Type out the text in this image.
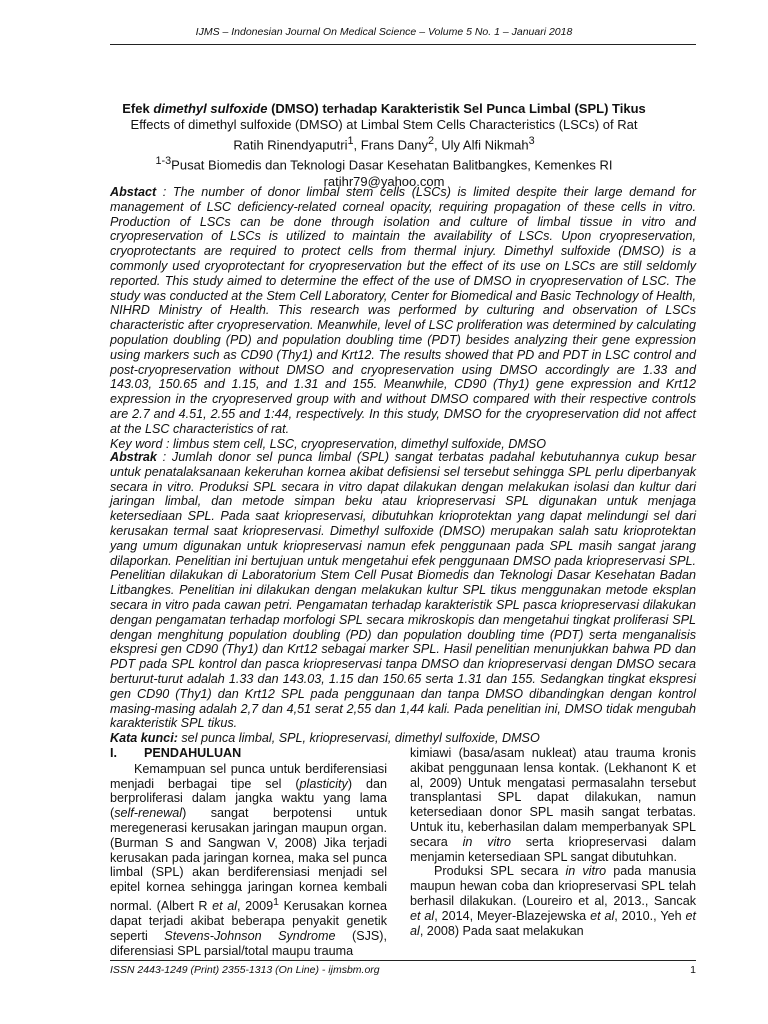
IJMS – Indonesian Journal On Medical Science – Volume 5 No. 1 – Januari 2018
Efek dimethyl sulfoxide (DMSO) terhadap Karakteristik Sel Punca Limbal (SPL) Tikus
Effects of dimethyl sulfoxide (DMSO) at Limbal Stem Cells Characteristics (LSCs) of Rat
Ratih Rinendyaputri$^1$, Frans Dany$^2$, Uly Alfi Nikmah$^3$
$^{1-3}$Pusat Biomedis dan Teknologi Dasar Kesehatan Balitbangkes, Kemenkes RI
ratihr79@yahoo.com

Abstact : The number of donor limbal stem cells (LSCs) is limited despite their large demand for management of LSC deficiency-related corneal opacity, requiring propagation of these cells in vitro. Production of LSCs can be done through isolation and culture of limbal tissue in vitro and cryopreservation of LSCs is utilized to maintain the availability of LSCs. Upon cryopreservation, cryoprotectants are required to protect cells from thermal injury. Dimethyl sulfoxide (DMSO) is a commonly used cryoprotectant for cryopreservation but the effect of its use on LSCs are still seldomly reported. This study aimed to determine the effect of the use of DMSO in cryopreservation of LSC. The study was conducted at the Stem Cell Laboratory, Center for Biomedical and Basic Technology of Health, NIHRD Ministry of Health. This research was performed by culturing and observation of LSCs characteristic after cryopreservation. Meanwhile, level of LSC proliferation was determined by calculating population doubling (PD) and population doubling time (PDT) besides analyzing their gene expression using markers such as CD90 (Thy1) and Krt12. The results showed that PD and PDT in LSC control and post-cryopreservation without DMSO and cryopreservation using DMSO accordingly are 1.33 and 143.03, 150.65 and 1.15, and 1.31 and 155. Meanwhile, CD90 (Thy1) gene expression and Krt12 expression in the cryopreserved group with and without DMSO compared with their respective controls are 2.7 and 4.51, 2.55 and 1:44, respectively. In this study, DMSO for the cryopreservation did not affect at the LSC characteristics of rat.

Key word : limbus stem cell, LSC, cryopreservation, dimethyl sulfoxide, DMSO

Abstrak : Jumlah donor sel punca limbal (SPL) sangat terbatas padahal kebutuhannya cukup besar untuk penatalaksanaan kekeruhan kornea akibat defisiensi sel tersebut sehingga SPL perlu diperbanyak secara in vitro. Produksi SPL secara in vitro dapat dilakukan dengan melakukan isolasi dan kultur dari jaringan limbal, dan metode simpan beku atau kriopreservasi SPL digunakan untuk menjaga ketersediaan SPL. Pada saat kriopreservasi, dibutuhkan krioprotektan yang dapat melindungi sel dari kerusakan termal saat kriopreservasi. Dimethyl sulfoxide (DMSO) merupakan salah satu krioprotektan yang umum digunakan untuk kriopreservasi namun efek penggunaan pada SPL masih sangat jarang dilaporkan. Penelitian ini bertujuan untuk mengetahui efek penggunaan DMSO pada kriopreservasi SPL. Penelitian dilakukan di Laboratorium Stem Cell Pusat Biomedis dan Teknologi Dasar Kesehatan Badan Litbangkes. Penelitian ini dilakukan dengan melakukan kultur SPL tikus menggunakan metode eksplan secara in vitro pada cawan petri. Pengamatan terhadap karakteristik SPL pasca kriopreservasi dilakukan dengan pengamatan terhadap morfologi SPL secara mikroskopis dan mengetahui tingkat proliferasi SPL dengan menghitung population doubling (PD) dan population doubling time (PDT) serta menganalisis ekspresi gen CD90 (Thy1) dan Krt12 sebagai marker SPL. Hasil penelitian menunjukkan bahwa PD dan PDT pada SPL kontrol dan pasca kriopreservasi tanpa DMSO dan kriopreservasi dengan DMSO secara berturut-turut adalah 1.33 dan 143.03, 1.15 dan 150.65 serta 1.31 dan 155. Sedangkan tingkat ekspresi gen CD90 (Thy1) dan Krt12 SPL pada penggunaan dan tanpa DMSO dibandingkan dengan kontrol masing-masing adalah 2,7 dan 4,51 serat 2,55 dan 1,44 kali. Pada penelitian ini, DMSO tidak mengubah karakteristik SPL tikus.

Kata kunci: sel punca limbal, SPL, kriopreservasi, dimethyl sulfoxide, DMSO

I. PENDAHULUAN

Kemampuan sel punca untuk berdiferensiasi menjadi berbagai tipe sel (plasticity) dan berproliferasi dalam jangka waktu yang lama (self-renewal) sangat berpotensi untuk meregenerasi kerusakan jaringan maupun organ. (Burman S and Sangwan V, 2008) Jika terjadi kerusakan pada jaringan kornea, maka sel punca limbal (SPL) akan berdiferensiasi menjadi sel epitel kornea sehingga jaringan kornea kembali normal. (Albert R et al, 2009$^1$ Kerusakan kornea dapat terjadi akibat beberapa penyakit genetik seperti Stevens-Johnson Syndrome (SJS), diferensiasi SPL parsial/total maupu trauma

kimiawi (basa/asam nukleat) atau trauma kronis akibat penggunaan lensa kontak. (Lekhanont K et al, 2009) Untuk mengatasi permasalahn tersebut transplantasi SPL dapat dilakukan, namun ketersediaan donor SPL masih sangat terbatas. Untuk itu, keberhasilan dalam memperbanyak SPL secara in vitro serta kriopreservasi dalam menjamin ketersediaan SPL sangat dibutuhkan.

Produksi SPL secara in vitro pada manusia maupun hewan coba dan kriopreservasi SPL telah berhasil dilakukan. (Loureiro et al, 2013., Sancak et al, 2014, Meyer-Blazejewska et al, 2010., Yeh et al, 2008) Pada saat melakukan

ISSN 2443-1249 (Print) 2355-1313 (On Line) - ijmsbm.org	1
